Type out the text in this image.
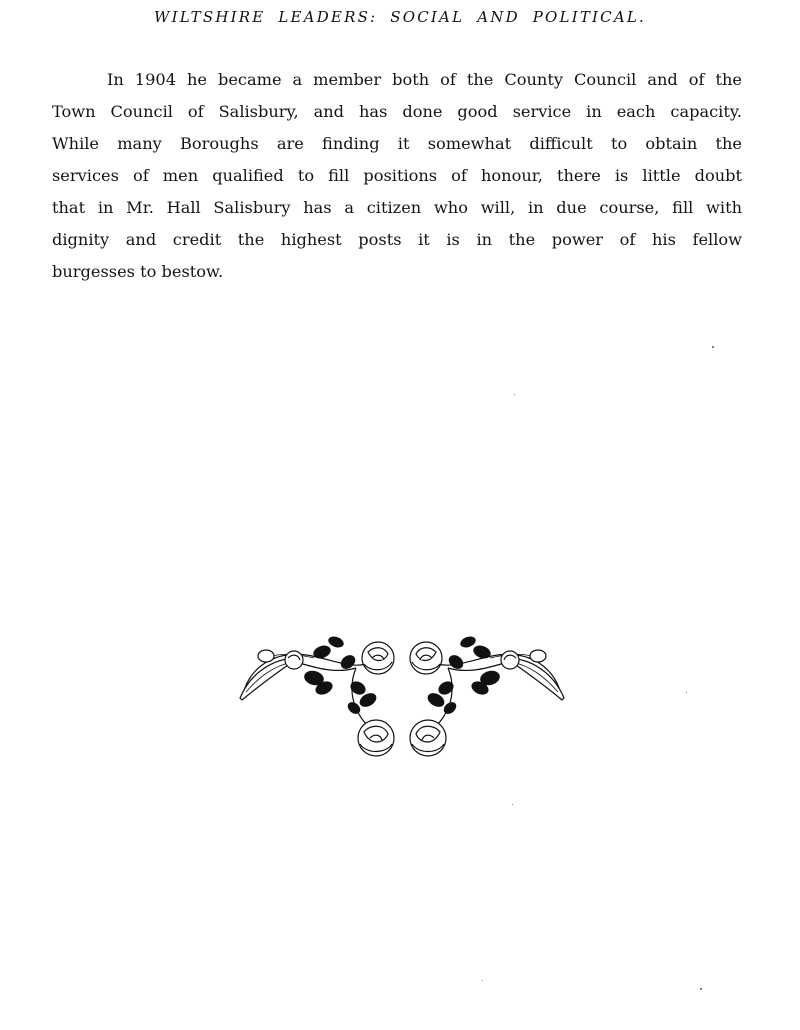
WILTSHIRE LEADERS: SOCIAL AND POLITICAL.
In 1904 he became a member both of the County Council and of the
Town Council of Salisbury, and has done good service in each capacity.
While many Boroughs are finding it somewhat difficult to obtain the
services of men qualified to fill positions of honour, there is little doubt
that in Mr. Hall Salisbury has a citizen who will, in due course, fill with
dignity and credit the highest posts it is in the power of his fellow
burgesses to bestow.
